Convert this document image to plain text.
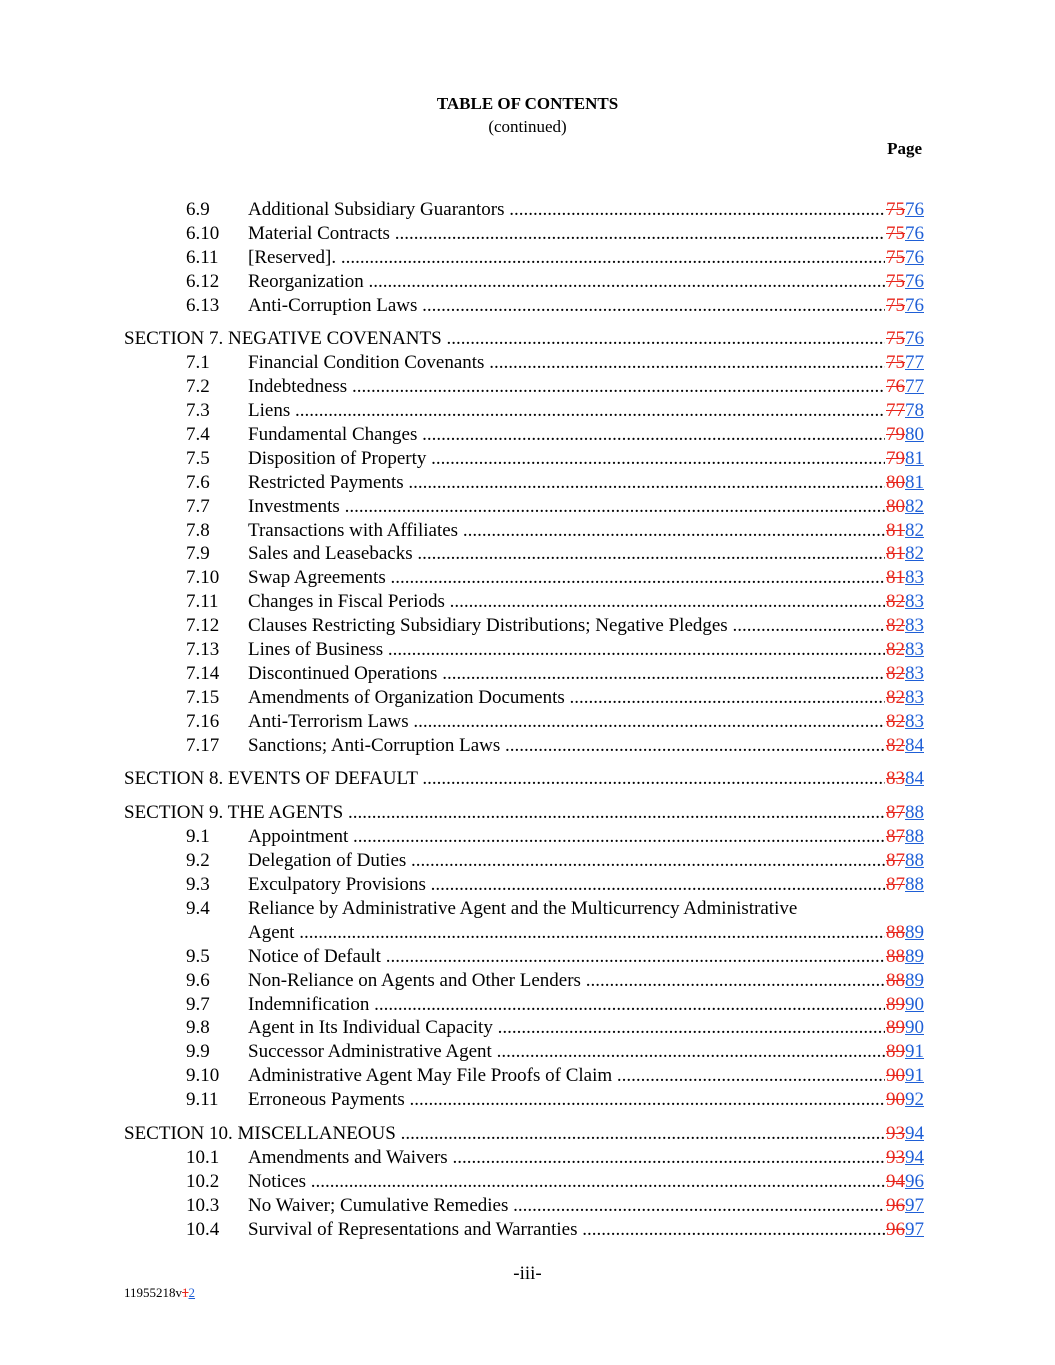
TABLE OF CONTENTS
(continued)
Page
6.9 Additional Subsidiary Guarantors .....	7576
6.10 Material Contracts .....	7576
6.11 [Reserved]. .....	7576
6.12 Reorganization .....	7576
6.13 Anti-Corruption Laws .....	7576
SECTION 7. NEGATIVE COVENANTS .....	7576
7.1 Financial Condition Covenants .....	7577
7.2 Indebtedness .....	7677
7.3 Liens .....	7778
7.4 Fundamental Changes .....	7980
7.5 Disposition of Property .....	7981
7.6 Restricted Payments .....	8081
7.7 Investments .....	8082
7.8 Transactions with Affiliates .....	8182
7.9 Sales and Leasebacks .....	8182
7.10 Swap Agreements .....	8183
7.11 Changes in Fiscal Periods .....	8283
7.12 Clauses Restricting Subsidiary Distributions; Negative Pledges .....	8283
7.13 Lines of Business .....	8283
7.14 Discontinued Operations .....	8283
7.15 Amendments of Organization Documents .....	8283
7.16 Anti-Terrorism Laws .....	8283
7.17 Sanctions; Anti-Corruption Laws .....	8284
SECTION 8. EVENTS OF DEFAULT .....	8384
SECTION 9. THE AGENTS .....	8788
9.1 Appointment .....	8788
9.2 Delegation of Duties .....	8788
9.3 Exculpatory Provisions .....	8788
9.4 Reliance by Administrative Agent and the Multicurrency Administrative
Agent .....	8889
9.5 Notice of Default .....	8889
9.6 Non-Reliance on Agents and Other Lenders .....	8889
9.7 Indemnification .....	8990
9.8 Agent in Its Individual Capacity .....	8990
9.9 Successor Administrative Agent .....	8991
9.10 Administrative Agent May File Proofs of Claim .....	9091
9.11 Erroneous Payments .....	9092
SECTION 10. MISCELLANEOUS .....	9394
10.1 Amendments and Waivers .....	9394
10.2 Notices .....	9496
10.3 No Waiver; Cumulative Remedies .....	9697
10.4 Survival of Representations and Warranties .....	9697
-iii-
11955218v12
